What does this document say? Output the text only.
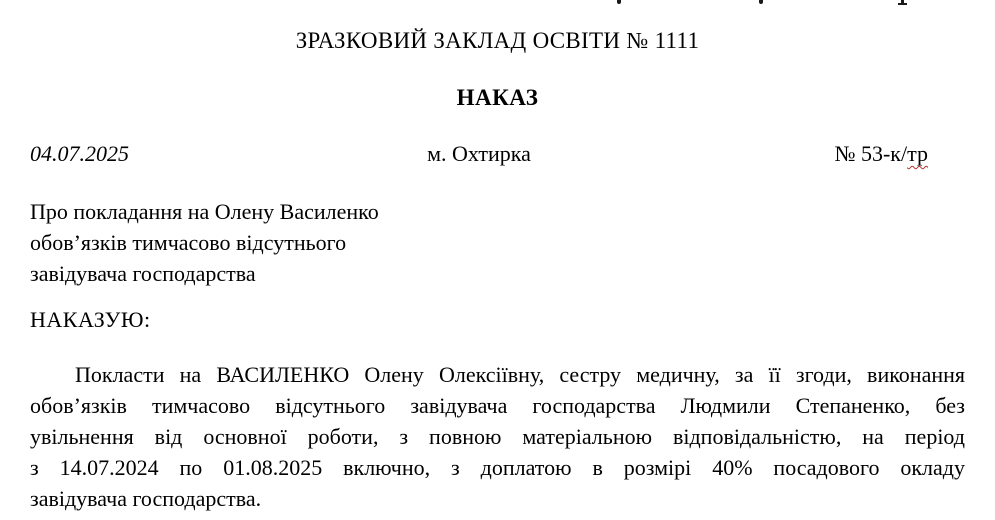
ЗРАЗКОВИЙ ЗАКЛАД ОСВІТИ № 1111
НАКАЗ
04.07.2025	м. Охтирка	№ 53-к/тр
Про покладання на Олену Василенко
обов’язків тимчасово відсутнього
завідувача господарства
НАКАЗУЮ:
Покласти на ВАСИЛЕНКО Олену Олексіївну, сестру медичну, за її згоди, виконання
обов’язків тимчасово відсутнього завідувача господарства Людмили Степаненко, без
увільнення від основної роботи, з повною матеріальною відповідальністю, на період
з 14.07.2024 по 01.08.2025 включно, з доплатою в розмірі 40% посадового окладу
завідувача господарства.
